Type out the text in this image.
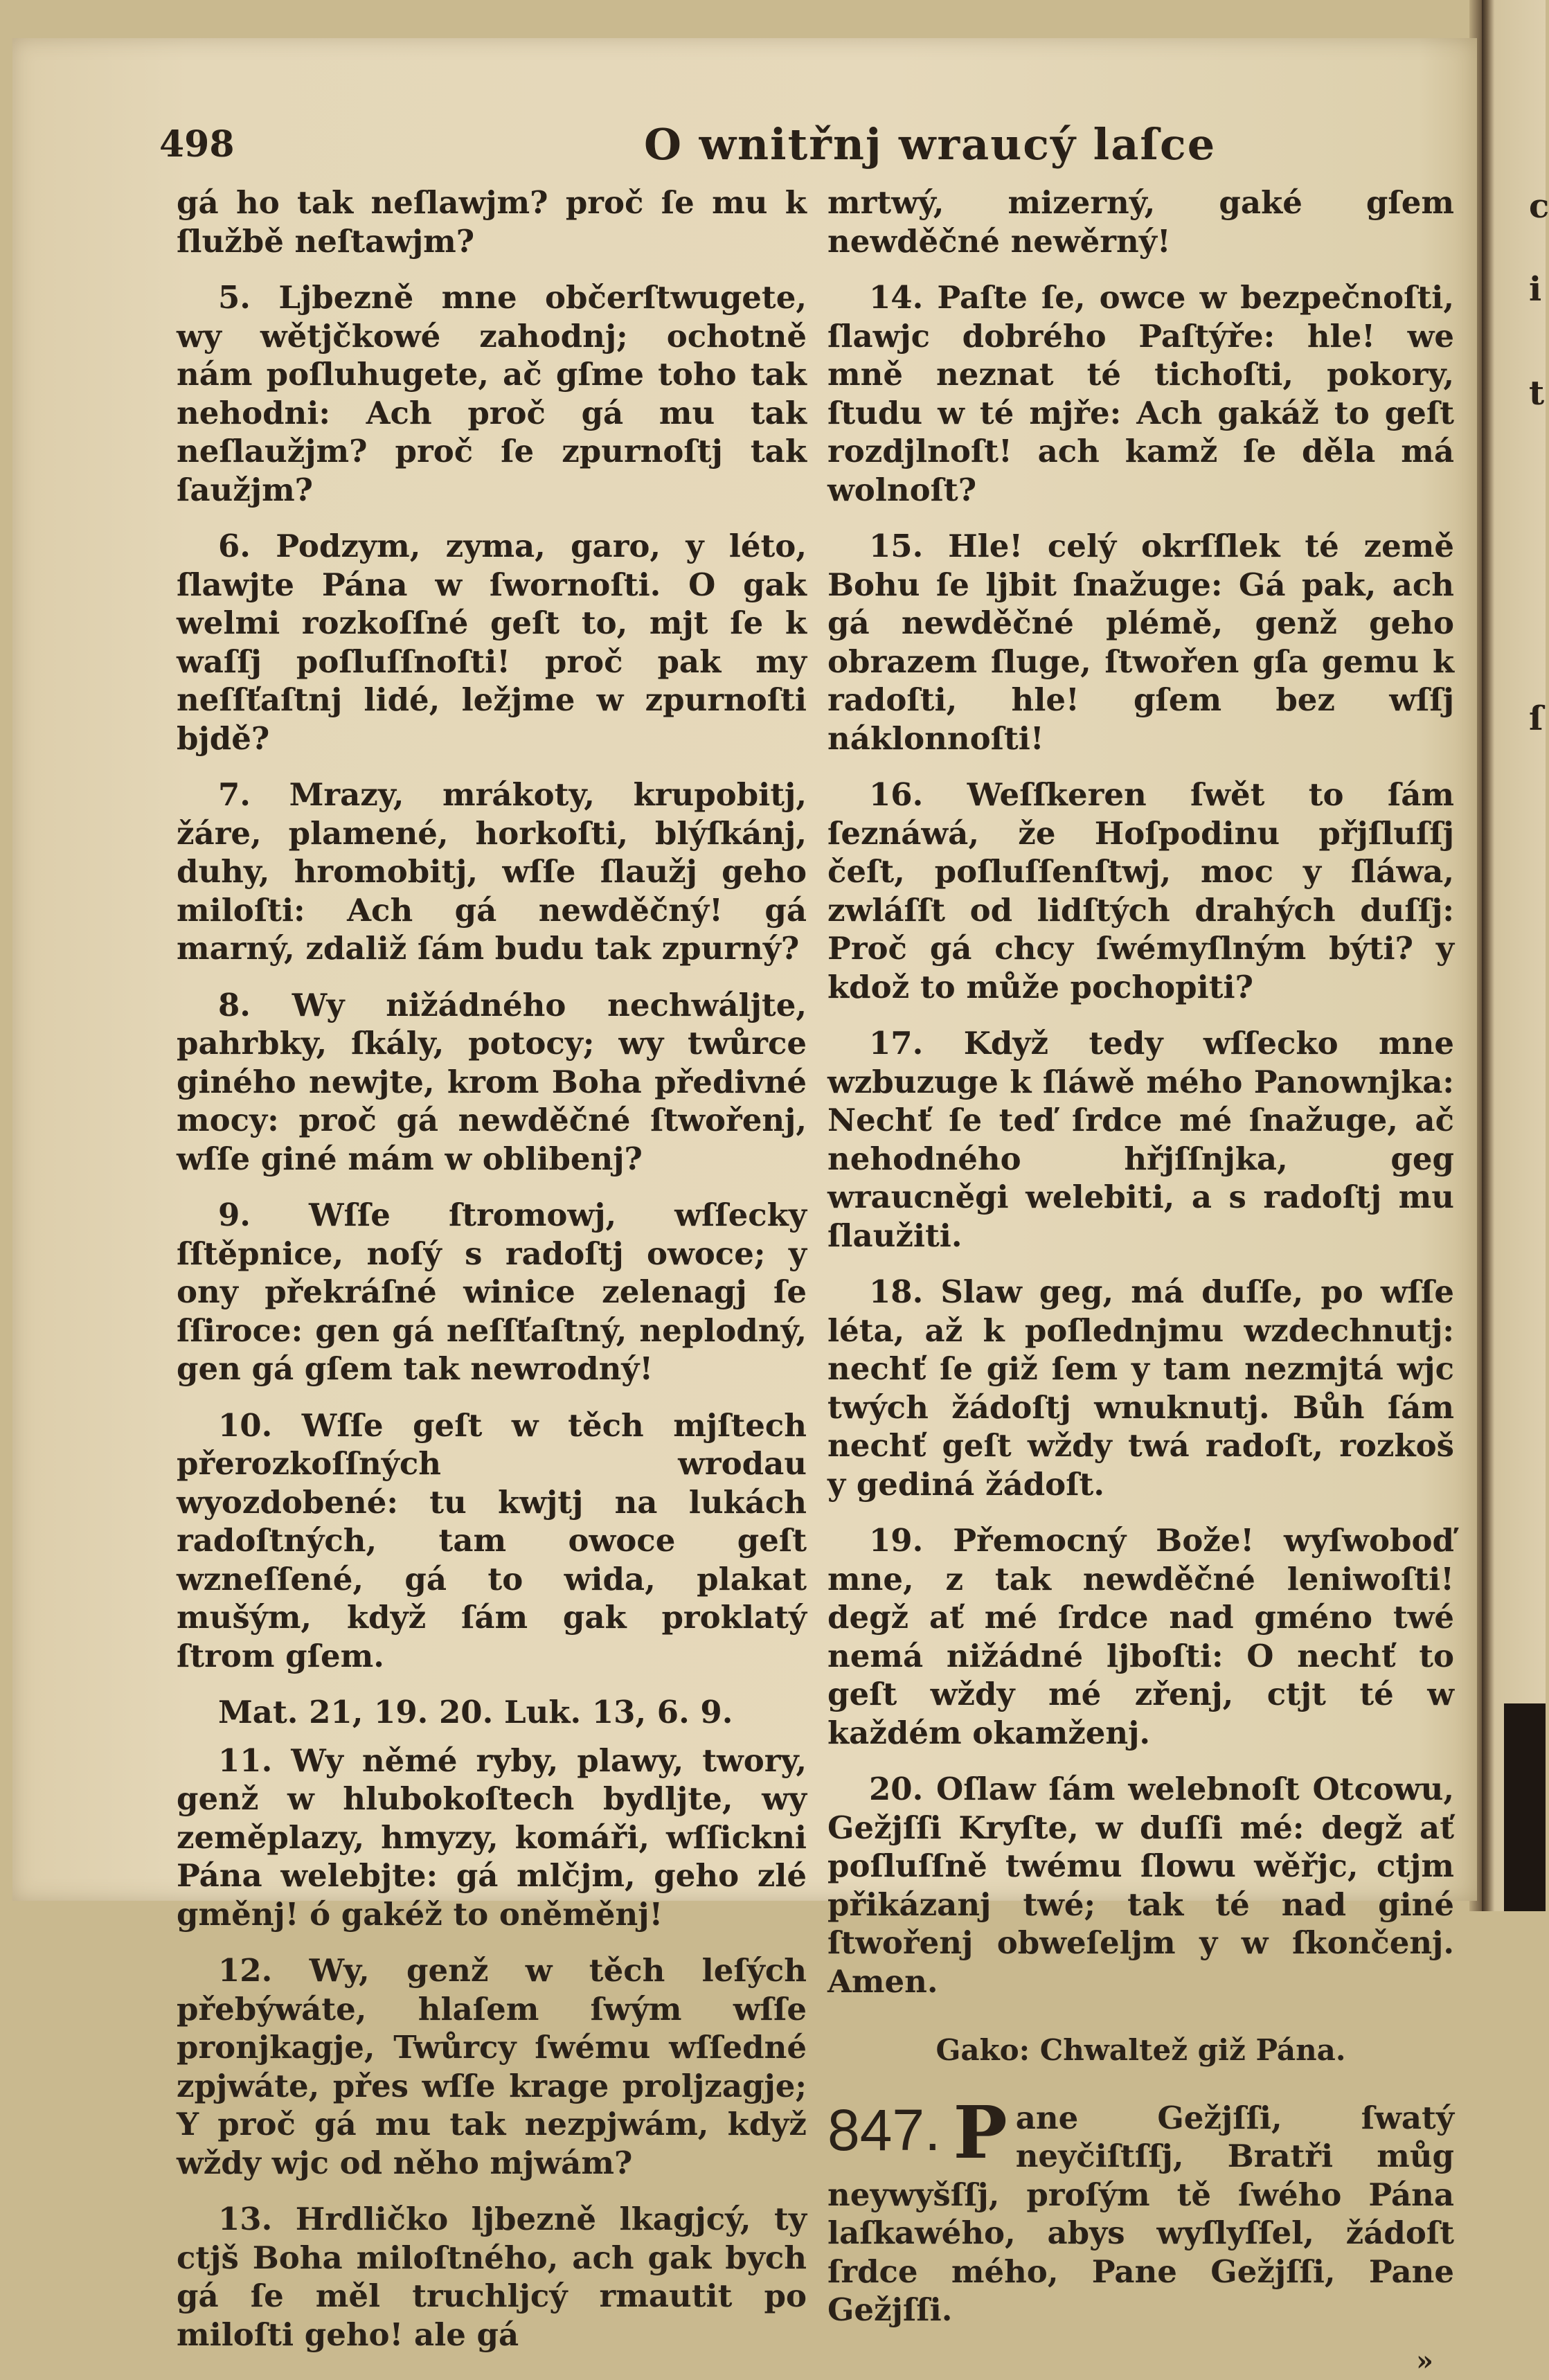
c
i
t
ſ
498	O wnitřnj wraucý laſce

gá ho tak neſlawjm? proč ſe mu k ſlužbě neſtawjm?

5. Ljbezně mne občerſtwugete, wy wětjčkowé zahodnj; ochotně nám poſluhugete, ač gſme toho tak nehodni: Ach proč gá mu tak neſlaužjm? proč ſe zpurnoſtj tak ſaužjm?

6. Podzym, zyma, garo, y léto, ſlawjte Pána w ſwornoſti. O gak welmi rozkoſſné geſt to, mjt ſe k waſſj poſluſſnoſti! proč pak my neſſťaſtnj lidé, ležjme w zpurnoſti bjdě?

7. Mrazy, mrákoty, krupobitj, žáre, plamené, horkoſti, blýſkánj, duhy, hromobitj, wſſe ſlaužj geho miloſti: Ach gá newděčný! gá marný, zdaliž ſám budu tak zpurný?

8. Wy nižádného nechwáljte, pahrbky, ſkály, potocy; wy twůrce giného newjte, krom Boha předivné mocy: proč gá newděčné ſtwořenj, wſſe giné mám w oblibenj?

9. Wſſe ſtromowj, wſſecky ſſtěpnice, noſý s radoſtj owoce; y ony překráſné winice zelenagj ſe ſſiroce: gen gá neſſťaſtný, neplodný, gen gá gſem tak newrodný!

10. Wſſe geſt w těch mjſtech přerozkoſſných wrodau wyozdobené: tu kwjtj na lukách radoſtných, tam owoce geſt wzneſſené, gá to wida, plakat mušým, když ſám gak proklatý ſtrom gſem.

Mat. 21, 19. 20. Luk. 13, 6. 9.

11. Wy němé ryby, plawy, twory, genž w hlubokoſtech bydljte, wy zeměplazy, hmyzy, komáři, wſſickni Pána welebjte: gá mlčjm, geho zlé gměnj! ó gakéž to oněměnj!

12. Wy, genž w těch leſých přebýwáte, hlaſem ſwým wſſe pronjkagje, Twůrcy ſwému wſſedné zpjwáte, přes wſſe krage proljzagje; Y proč gá mu tak nezpjwám, když wždy wjc od něho mjwám?

13. Hrdličko ljbezně lkagjcý, ty ctjš Boha miloſtného, ach gak bych gá ſe měl truchljcý rmautit po miloſti geho! ale gá

mrtwý, mizerný, gaké gſem newděčné newěrný!

14. Paſte ſe, owce w bezpečnoſti, ſlawjc dobrého Paſtýře: hle! we mně neznat té tichoſti, pokory, ſtudu w té mjře: Ach gakáž to geſt rozdjlnoſt! ach kamž ſe děla má wolnoſt?

15. Hle! celý okrſſlek té země Bohu ſe ljbit ſnažuge: Gá pak, ach gá newděčné plémě, genž geho obrazem ſluge, ſtwořen gſa gemu k radoſti, hle! gſem bez wſſj náklonnoſti!

16. Weſſkeren ſwět to ſám ſeznáwá, že Hoſpodinu přjſluſſj čeſt, poſluſſenſtwj, moc y ſláwa, zwláſſt od lidſtých drahých duſſj: Proč gá chcy ſwémyſlným býti? y kdož to může pochopiti?

17. Když tedy wſſecko mne wzbuzuge k ſláwě mého Panownjka: Nechť ſe teď ſrdce mé ſnažuge, ač nehodného hřjſſnjka, geg wraucněgi welebiti, a s radoſtj mu ſlaužiti.

18. Slaw geg, má duſſe, po wſſe léta, až k poſlednjmu wzdechnutj: nechť ſe giž ſem y tam nezmjtá wjc twých žádoſtj wnuknutj. Bůh ſám nechť geſt wždy twá radoſt, rozkoš y gediná žádoſt.

19. Přemocný Bože! wyſwoboď mne, z tak newděčné leniwoſti! degž ať mé ſrdce nad gméno twé nemá nižádné ljboſti: O nechť to geſt wždy mé zřenj, ctjt té w každém okamženj.

20. Oſlaw ſám welebnoſt Otcowu, Gežjſſi Kryſte, w duſſi mé: degž ať poſluſſně twému ſlowu wěřjc, ctjm přikázanj twé; tak té nad giné ſtwořenj obweſeljm y w ſkončenj. Amen.

Gako: Chwaltež giž Pána.

847. P ane Gežjſſi, ſwatý neyčiſtſſj, Bratři můg neywyšſſj, proſým tě ſwého Pána laſkawého, abys wyſlyſſel, žádoſt ſrdce mého, Pane Gežjſſi, Pane Gežjſſi.
»
